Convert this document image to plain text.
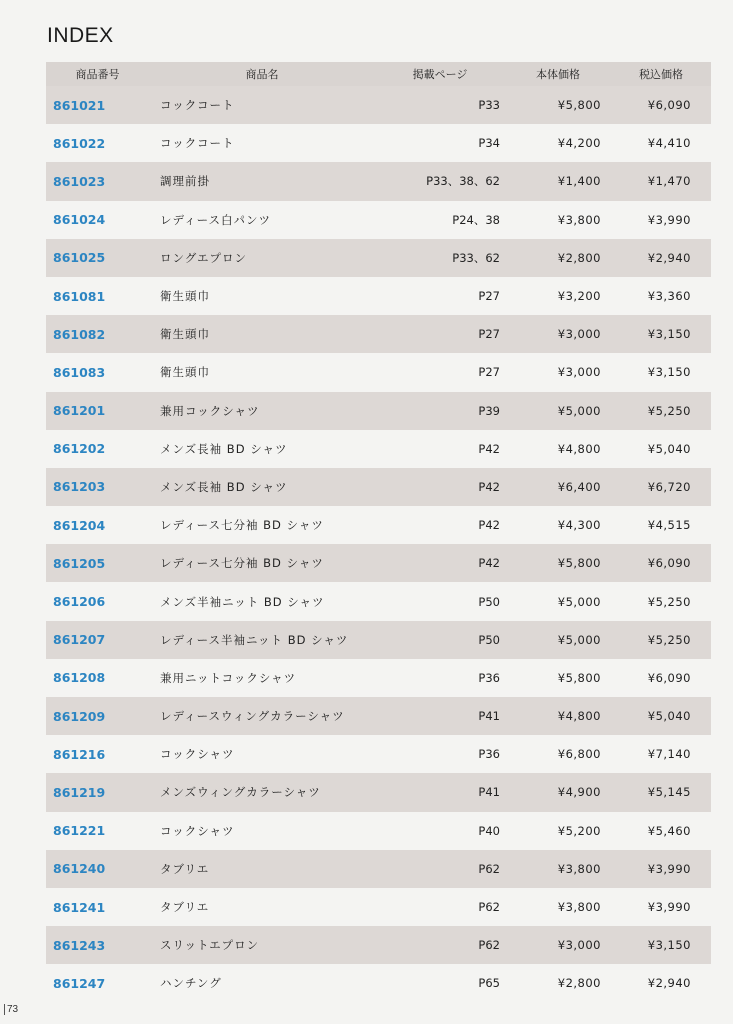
INDEX
商品番号	商品名	掲載ページ	本体価格	税込価格
861021	コックコート	P33	¥5,800	¥6,090
861022	コックコート	P34	¥4,200	¥4,410
861023	調理前掛	P33、38、62	¥1,400	¥1,470
861024	レディース白パンツ	P24、38	¥3,800	¥3,990
861025	ロングエプロン	P33、62	¥2,800	¥2,940
861081	衛生頭巾	P27	¥3,200	¥3,360
861082	衛生頭巾	P27	¥3,000	¥3,150
861083	衛生頭巾	P27	¥3,000	¥3,150
861201	兼用コックシャツ	P39	¥5,000	¥5,250
861202	メンズ長袖 BD シャツ	P42	¥4,800	¥5,040
861203	メンズ長袖 BD シャツ	P42	¥6,400	¥6,720
861204	レディース七分袖 BD シャツ	P42	¥4,300	¥4,515
861205	レディース七分袖 BD シャツ	P42	¥5,800	¥6,090
861206	メンズ半袖ニット BD シャツ	P50	¥5,000	¥5,250
861207	レディース半袖ニット BD シャツ	P50	¥5,000	¥5,250
861208	兼用ニットコックシャツ	P36	¥5,800	¥6,090
861209	レディースウィングカラーシャツ	P41	¥4,800	¥5,040
861216	コックシャツ	P36	¥6,800	¥7,140
861219	メンズウィングカラーシャツ	P41	¥4,900	¥5,145
861221	コックシャツ	P40	¥5,200	¥5,460
861240	タブリエ	P62	¥3,800	¥3,990
861241	タブリエ	P62	¥3,800	¥3,990
861243	スリットエプロン	P62	¥3,000	¥3,150
861247	ハンチング	P65	¥2,800	¥2,940
73
